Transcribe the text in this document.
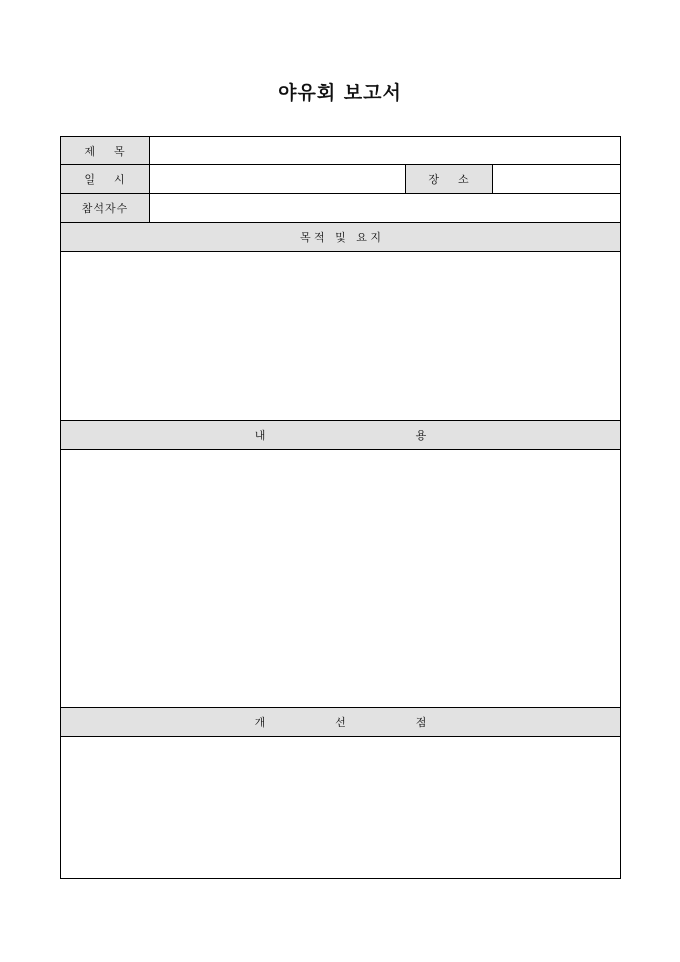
야유회 보고서
제    목
일    시	장    소
참석자수
목 적   및   요 지
내                                           용
개                    선                    점
